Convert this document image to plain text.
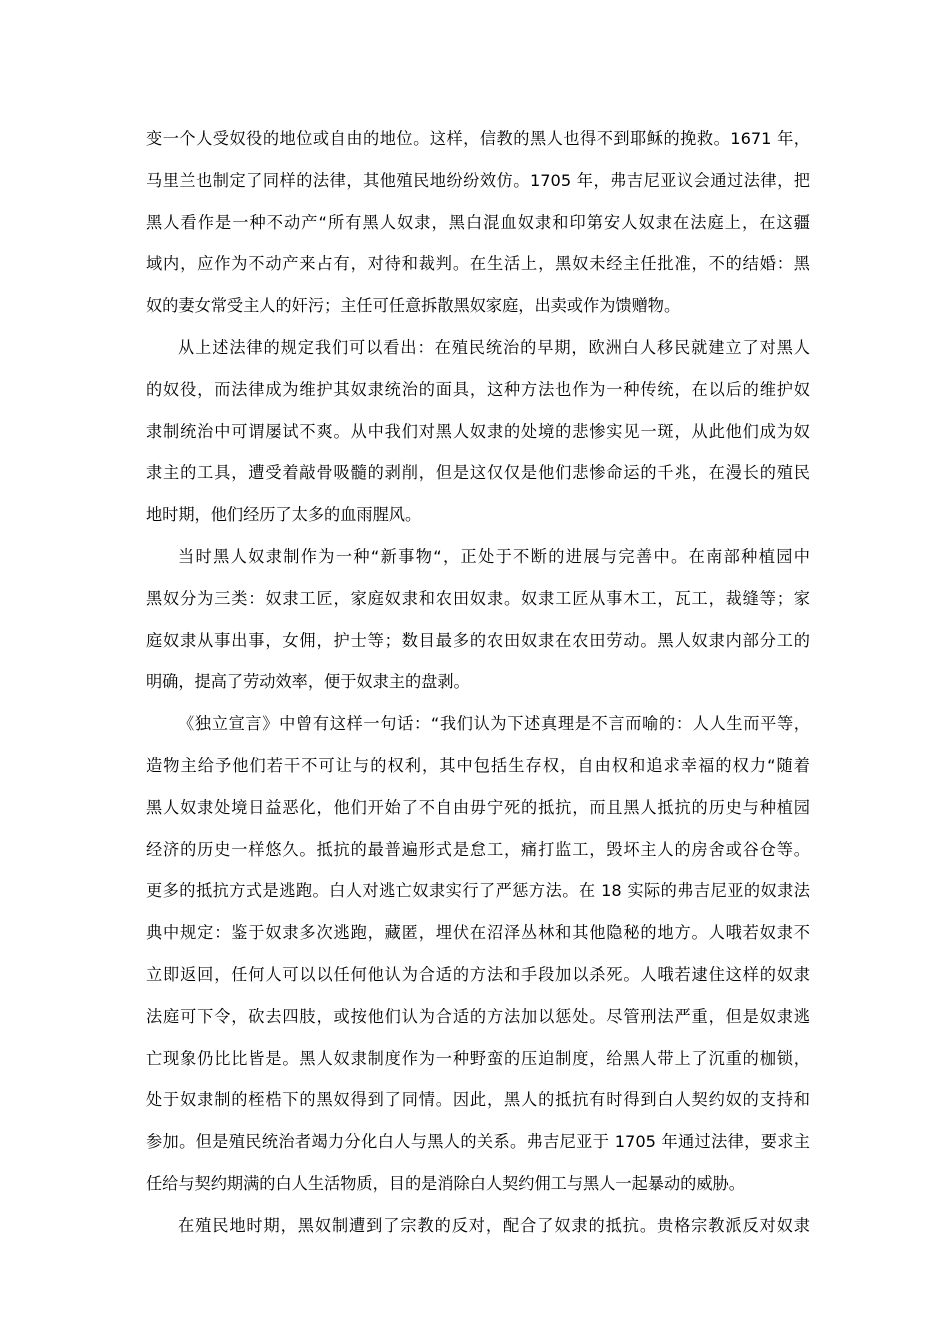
变一个人受奴役的地位或自由的地位。这样，信教的黑人也得不到耶稣的挽救。1671 年，
马里兰也制定了同样的法律，其他殖民地纷纷效仿。1705 年，弗吉尼亚议会通过法律，把
黑人看作是一种不动产“所有黑人奴隶，黑白混血奴隶和印第安人奴隶在法庭上，在这疆
域内，应作为不动产来占有，对待和裁判。在生活上，黑奴未经主任批准，不的结婚：黑
奴的妻女常受主人的奸污；主任可任意拆散黑奴家庭，出卖或作为馈赠物。
从上述法律的规定我们可以看出：在殖民统治的早期，欧洲白人移民就建立了对黑人
的奴役，而法律成为维护其奴隶统治的面具，这种方法也作为一种传统，在以后的维护奴
隶制统治中可谓屡试不爽。从中我们对黑人奴隶的处境的悲惨实见一斑，从此他们成为奴
隶主的工具，遭受着敲骨吸髓的剥削，但是这仅仅是他们悲惨命运的千兆，在漫长的殖民
地时期，他们经历了太多的血雨腥风。
当时黑人奴隶制作为一种“新事物“，正处于不断的进展与完善中。在南部种植园中
黑奴分为三类：奴隶工匠，家庭奴隶和农田奴隶。奴隶工匠从事木工，瓦工，裁缝等；家
庭奴隶从事出事，女佣，护士等；数目最多的农田奴隶在农田劳动。黑人奴隶内部分工的
明确，提高了劳动效率，便于奴隶主的盘剥。
《独立宣言》中曾有这样一句话：“我们认为下述真理是不言而喻的：人人生而平等，
造物主给予他们若干不可让与的权利，其中包括生存权，自由权和追求幸福的权力“随着
黑人奴隶处境日益恶化，他们开始了不自由毋宁死的抵抗，而且黑人抵抗的历史与种植园
经济的历史一样悠久。抵抗的最普遍形式是怠工，痛打监工，毁坏主人的房舍或谷仓等。
更多的抵抗方式是逃跑。白人对逃亡奴隶实行了严惩方法。在 18 实际的弗吉尼亚的奴隶法
典中规定：鉴于奴隶多次逃跑，藏匿，埋伏在沼泽丛林和其他隐秘的地方。人哦若奴隶不
立即返回，任何人可以以任何他认为合适的方法和手段加以杀死。人哦若逮住这样的奴隶
法庭可下令，砍去四肢，或按他们认为合适的方法加以惩处。尽管刑法严重，但是奴隶逃
亡现象仍比比皆是。黑人奴隶制度作为一种野蛮的压迫制度，给黑人带上了沉重的枷锁，
处于奴隶制的桎梏下的黑奴得到了同情。因此，黑人的抵抗有时得到白人契约奴的支持和
参加。但是殖民统治者竭力分化白人与黑人的关系。弗吉尼亚于 1705 年通过法律，要求主
任给与契约期满的白人生活物质，目的是消除白人契约佣工与黑人一起暴动的威胁。
在殖民地时期，黑奴制遭到了宗教的反对，配合了奴隶的抵抗。贵格宗教派反对奴隶
